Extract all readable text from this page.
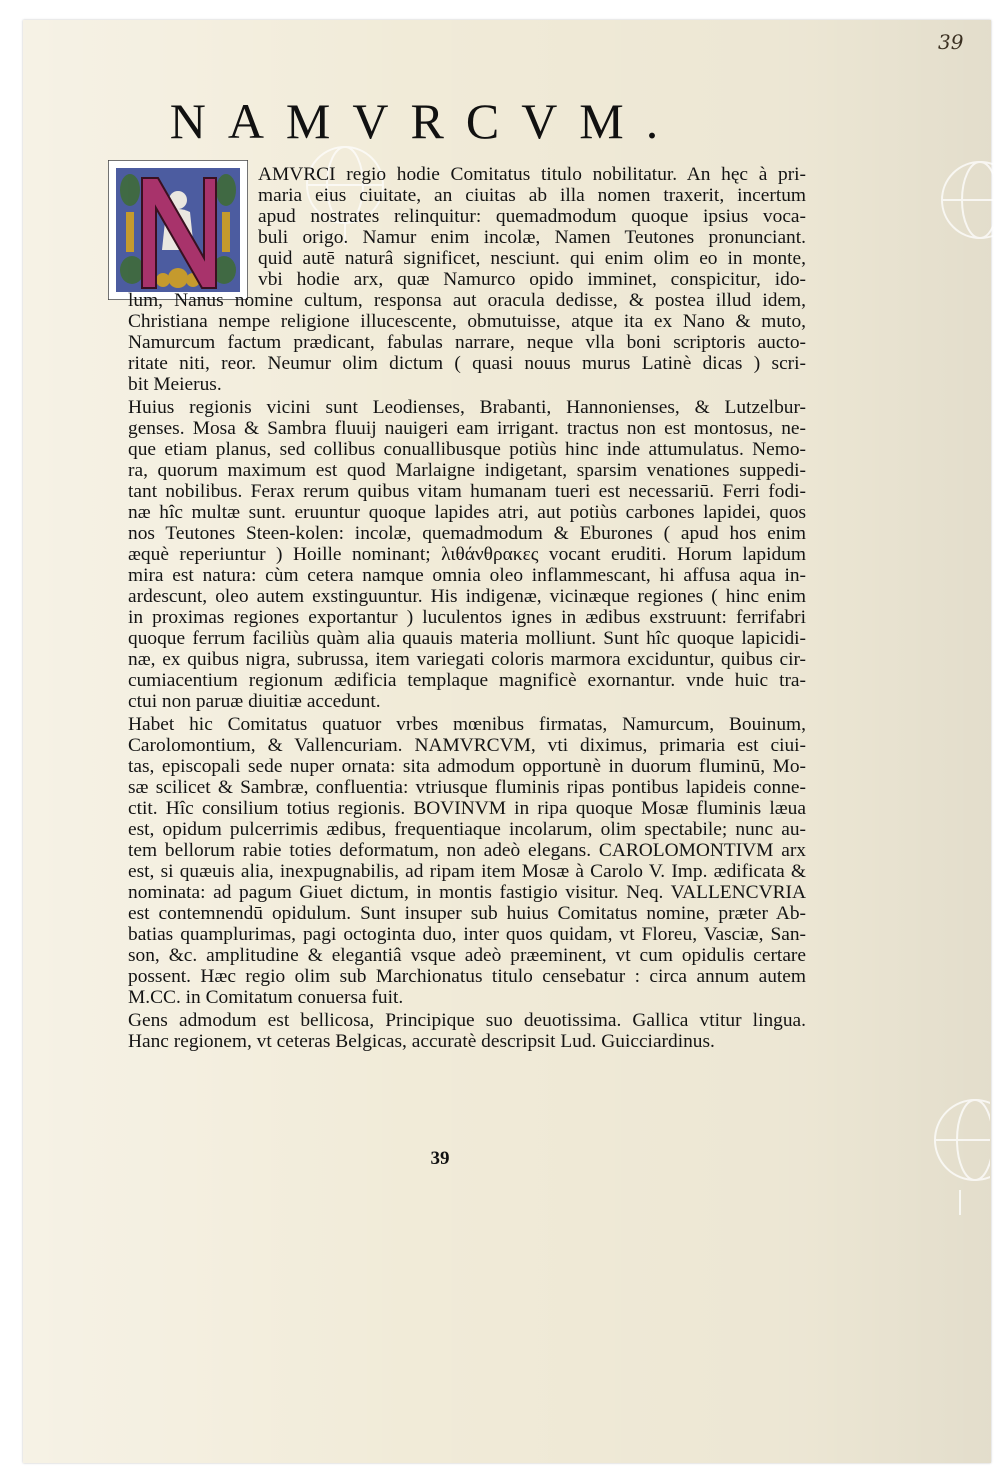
39
NAMVRCVM.
AMVRCI regio hodie Comitatus titulo nobilitatur. An hęc à pri-
maria eius ciuitate, an ciuitas ab illa nomen traxerit, incertum
apud nostrates relinquitur: quemadmodum quoque ipsius voca-
buli origo. Namur enim incolæ, Namen Teutones pronunciant.
quid autē naturâ significet, nesciunt. qui enim olim eo in monte,
vbi hodie arx, quæ Namurco opido imminet, conspicitur, ido-
lum, Nanus nomine cultum, responsa aut oracula dedisse, & postea illud idem,
Christiana nempe religione illucescente, obmutuisse, atque ita ex Nano & muto,
Namurcum factum prædicant, fabulas narrare, neque vlla boni scriptoris aucto-
ritate niti, reor. Neumur olim dictum ( quasi nouus murus Latinè dicas ) scri-
bit Meierus.
Huius regionis vicini sunt Leodienses, Brabanti, Hannonienses, & Lutzelbur-
genses. Mosa & Sambra fluuij nauigeri eam irrigant. tractus non est montosus, ne-
que etiam planus, sed collibus conuallibusque potiùs hinc inde attumulatus. Nemo-
ra, quorum maximum est quod Marlaigne indigetant, sparsim venationes suppedi-
tant nobilibus. Ferax rerum quibus vitam humanam tueri est necessariū. Ferri fodi-
næ hîc multæ sunt. eruuntur quoque lapides atri, aut potiùs carbones lapidei, quos
nos Teutones Steen-kolen: incolæ, quemadmodum & Eburones ( apud hos enim
æquè reperiuntur ) Hoille nominant; λιθάνθρακες vocant eruditi. Horum lapidum
mira est natura: cùm cetera namque omnia oleo inflammescant, hi affusa aqua in-
ardescunt, oleo autem exstinguuntur. His indigenæ, vicinæque regiones ( hinc enim
in proximas regiones exportantur ) luculentos ignes in ædibus exstruunt: ferrifabri
quoque ferrum faciliùs quàm alia quauis materia molliunt. Sunt hîc quoque lapicidi-
næ, ex quibus nigra, subrussa, item variegati coloris marmora exciduntur, quibus cir-
cumiacentium regionum ædificia templaque magnificè exornantur. vnde huic tra-
ctui non paruæ diuitiæ accedunt.
Habet hic Comitatus quatuor vrbes mœnibus firmatas, Namurcum, Bouinum,
Carolomontium, & Vallencuriam. NAMVRCVM, vti diximus, primaria est ciui-
tas, episcopali sede nuper ornata: sita admodum opportunè in duorum fluminū, Mo-
sæ scilicet & Sambræ, confluentia: vtriusque fluminis ripas pontibus lapideis conne-
ctit. Hîc consilium totius regionis. BOVINVM in ripa quoque Mosæ fluminis læua
est, opidum pulcerrimis ædibus, frequentiaque incolarum, olim spectabile; nunc au-
tem bellorum rabie toties deformatum, non adeò elegans. CAROLOMONTIVM arx
est, si quæuis alia, inexpugnabilis, ad ripam item Mosæ à Carolo V. Imp. ædificata &
nominata: ad pagum Giuet dictum, in montis fastigio visitur. Neq. VALLENCVRIA
est contemnendū opidulum. Sunt insuper sub huius Comitatus nomine, præter Ab-
batias quamplurimas, pagi octoginta duo, inter quos quidam, vt Floreu, Vasciæ, San-
son, &c. amplitudine & elegantiâ vsque adeò præeminent, vt cum opidulis certare
possent. Hæc regio olim sub Marchionatus titulo censebatur : circa annum autem
M.CC. in Comitatum conuersa fuit.
Gens admodum est bellicosa, Principique suo deuotissima. Gallica vtitur lingua.
Hanc regionem, vt ceteras Belgicas, accuratè descripsit Lud. Guicciardinus.
39
